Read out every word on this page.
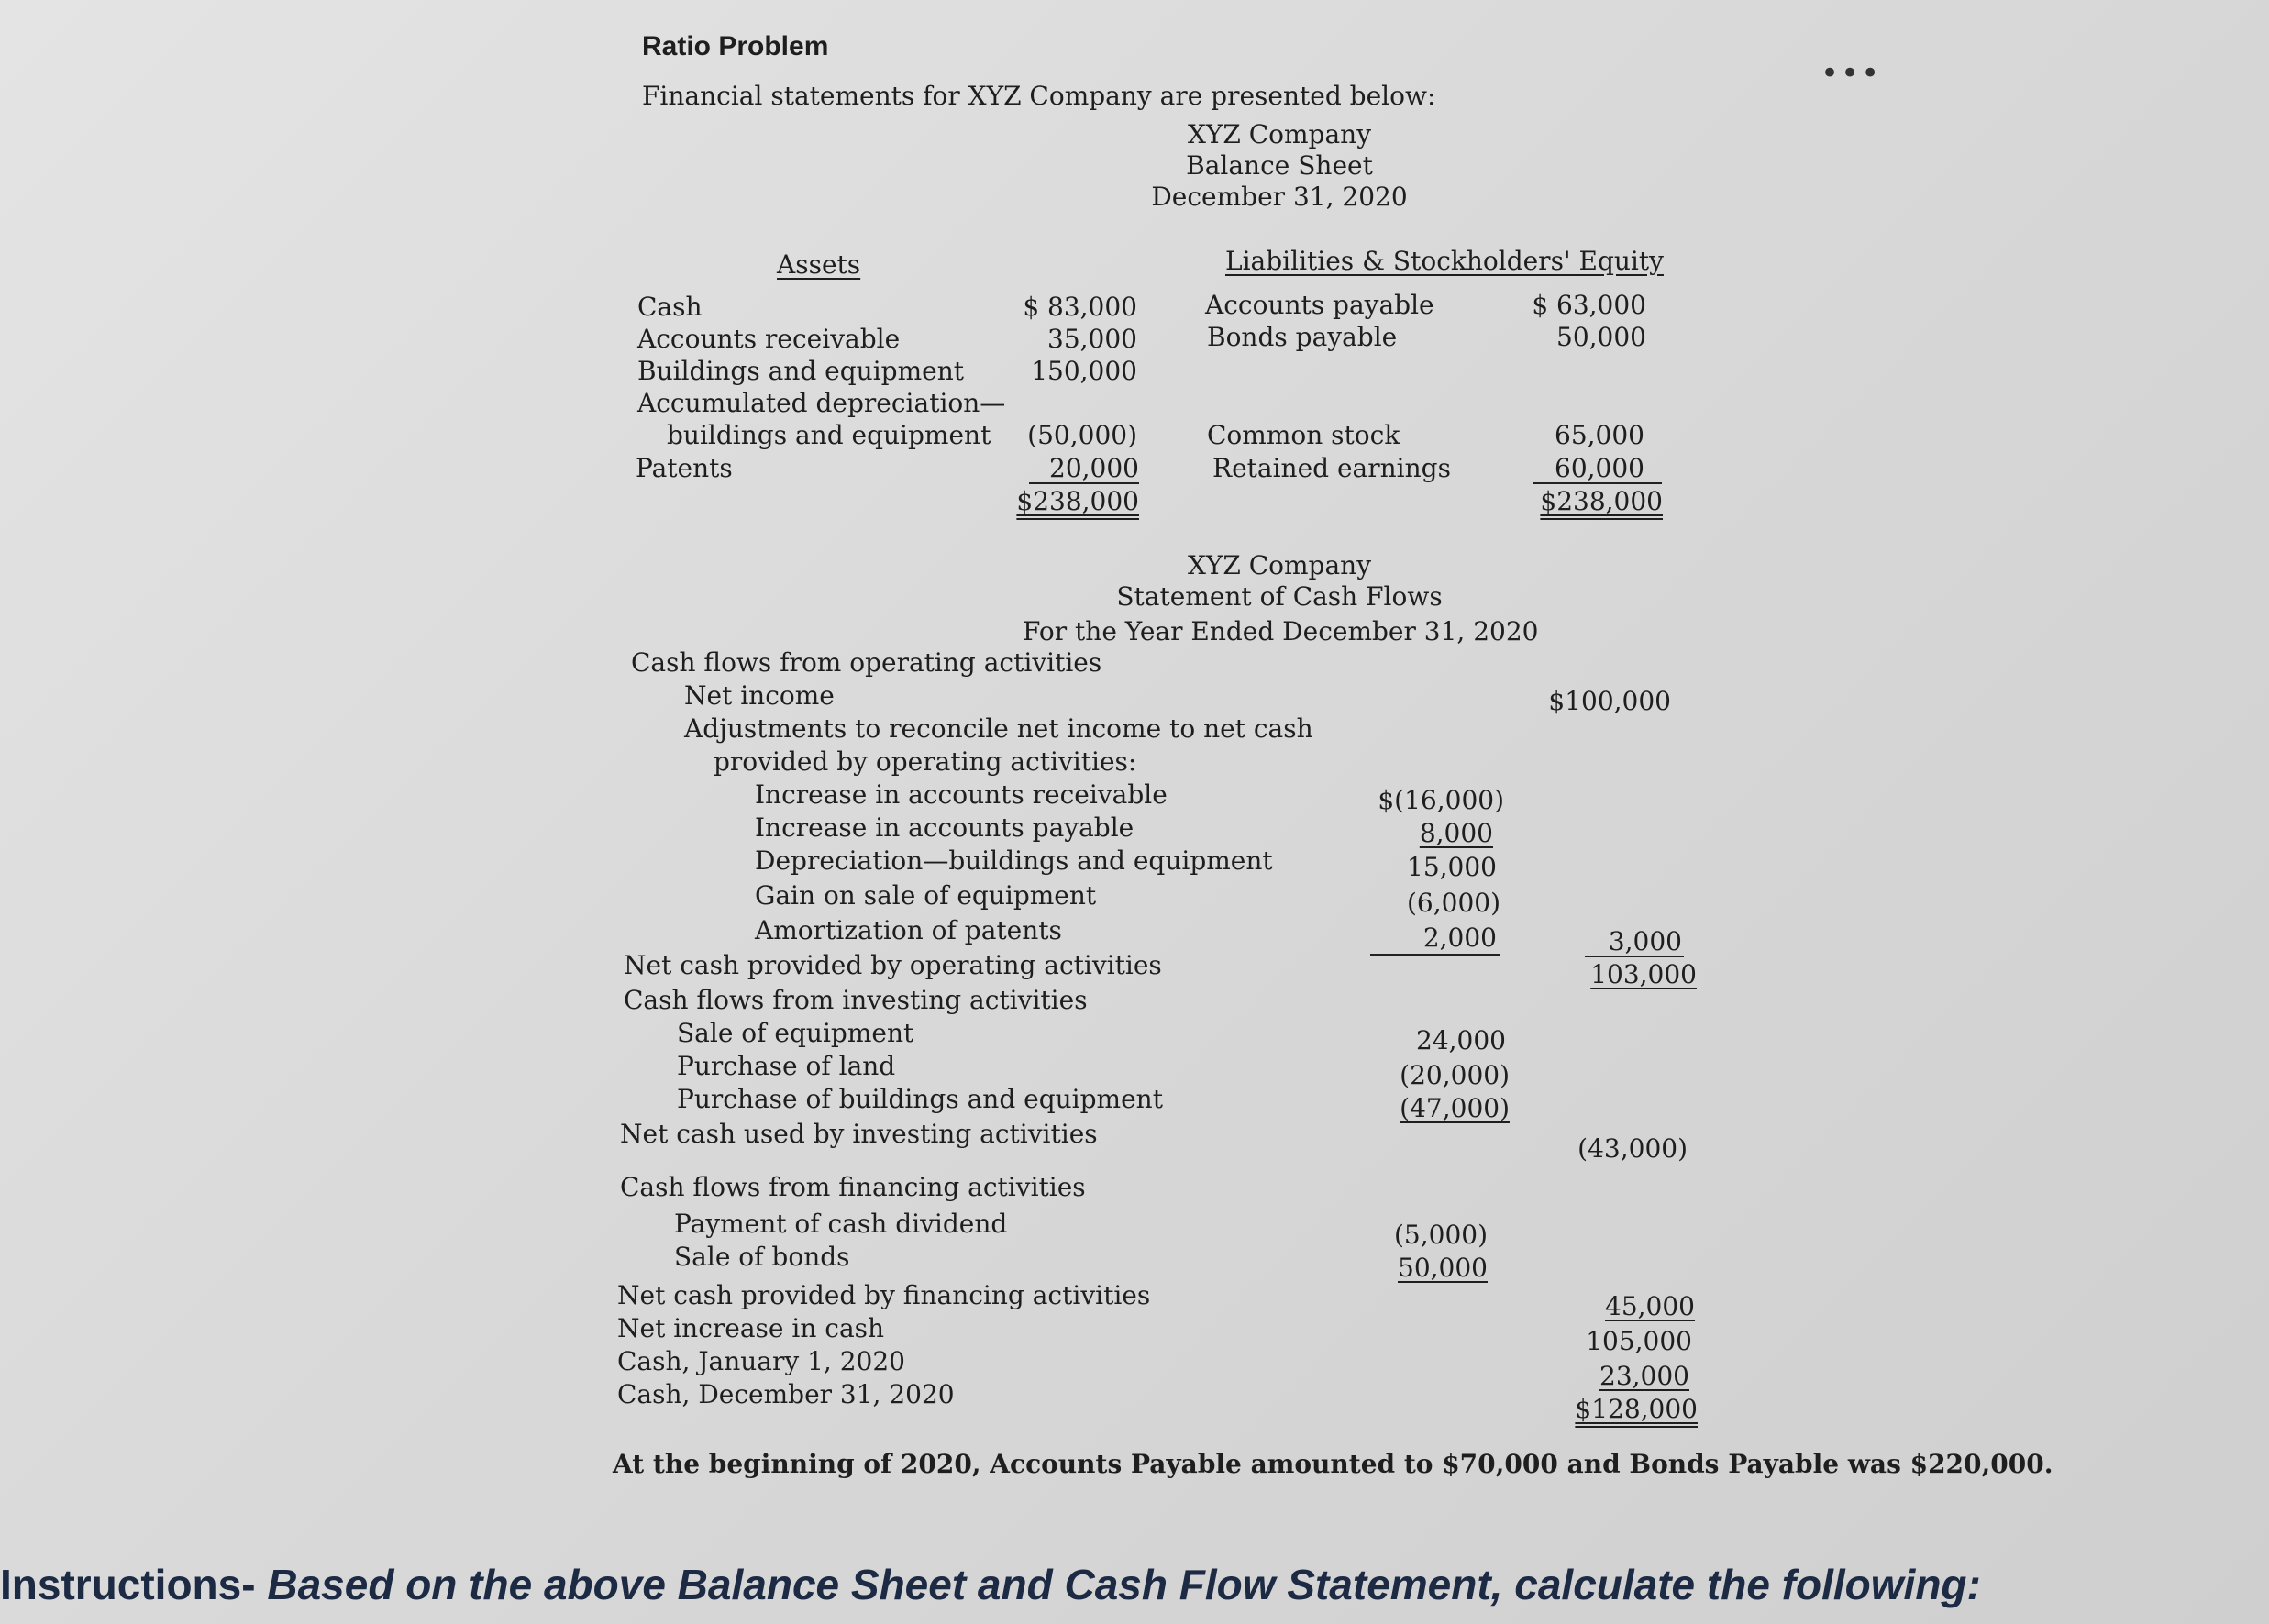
Ratio Problem
•••
Financial statements for XYZ Company are presented below:
XYZ Company
Balance Sheet
December 31, 2020
Assets	Liabilities & Stockholders' Equity
Cash	$ 83,000
Accounts receivable	35,000
Buildings and equipment	150,000
Accumulated depreciation—
buildings and equipment	(50,000)
Patents	20,000
$238,000
Accounts payable	$ 63,000
Bonds payable	50,000
Common stock	65,000
Retained earnings	60,000
$238,000
XYZ Company
Statement of Cash Flows
For the Year Ended December 31, 2020
Cash flows from operating activities
Net income	$100,000
Adjustments to reconcile net income to net cash
provided by operating activities:
Increase in accounts receivable	$(16,000)
Increase in accounts payable	8,000
Depreciation—buildings and equipment	15,000
Gain on sale of equipment	(6,000)
Amortization of patents	2,000	3,000
Net cash provided by operating activities	103,000
Cash flows from investing activities
Sale of equipment	24,000
Purchase of land	(20,000)
Purchase of buildings and equipment	(47,000)
Net cash used by investing activities	(43,000)
Cash flows from financing activities
Payment of cash dividend	(5,000)
Sale of bonds	50,000
Net cash provided by financing activities	45,000
Net increase in cash	105,000
Cash, January 1, 2020	23,000
Cash, December 31, 2020	$128,000
At the beginning of 2020, Accounts Payable amounted to $70,000 and Bonds Payable was $220,000.
Instructions- Based on the above Balance Sheet and Cash Flow Statement, calculate the following:
